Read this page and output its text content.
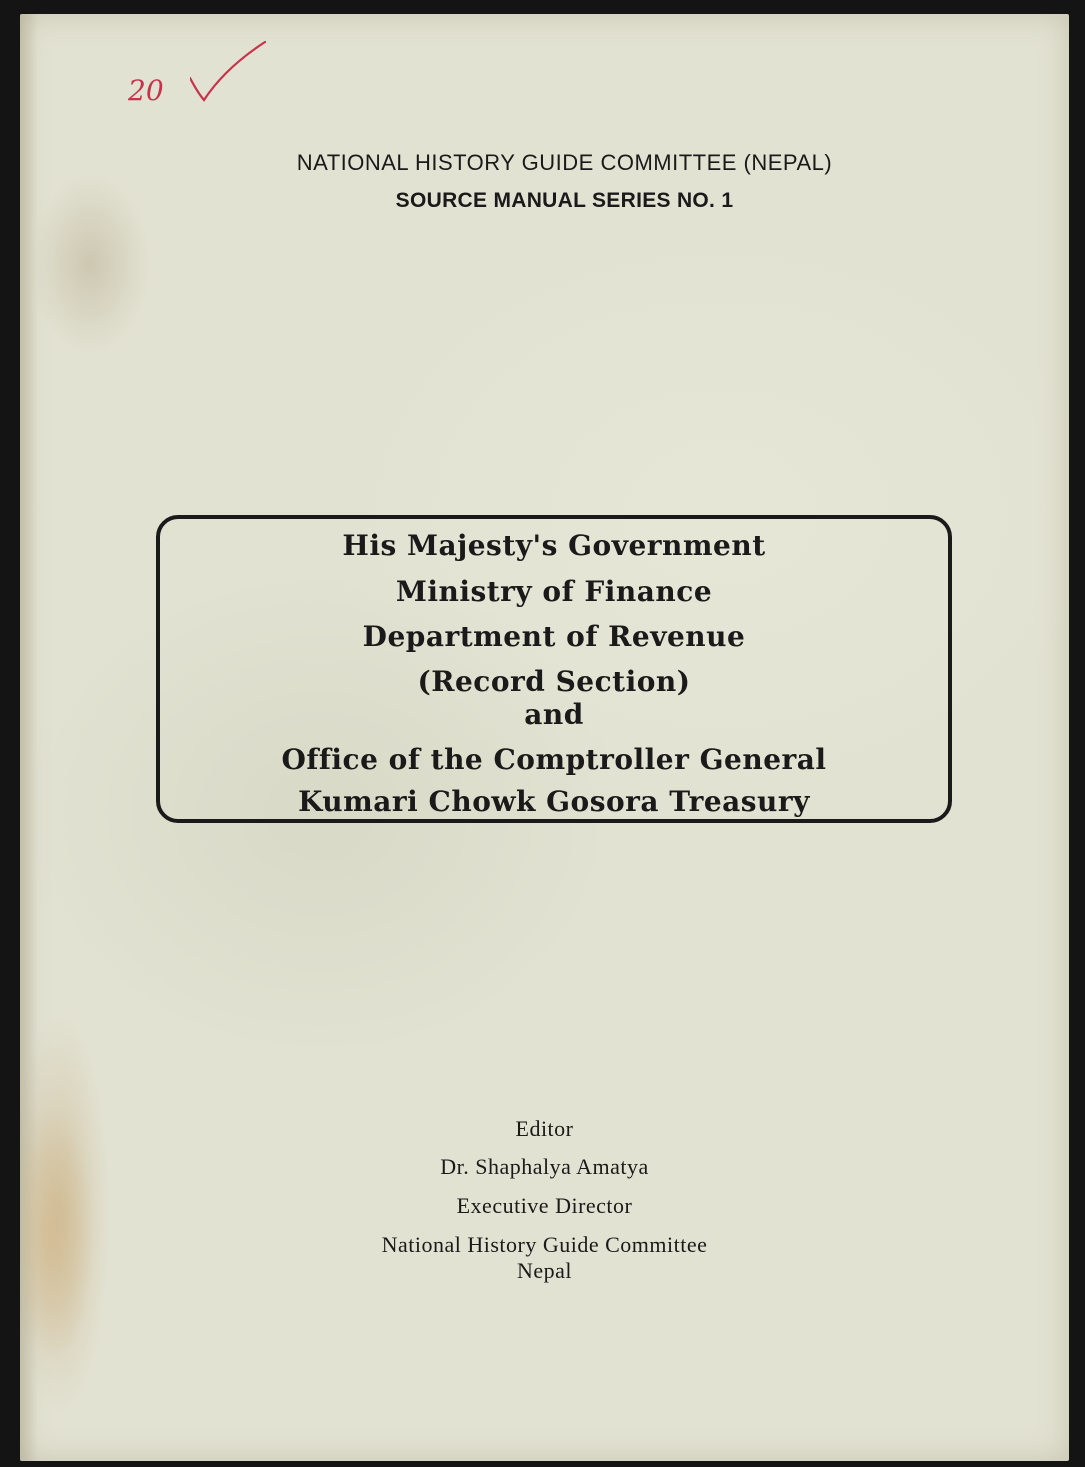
20
NATIONAL HISTORY GUIDE COMMITTEE (NEPAL)
SOURCE MANUAL SERIES NO. 1
His Majesty's Government
Ministry of Finance
Department of Revenue
(Record Section)
and
Office of the Comptroller General
Kumari Chowk Gosora Treasury
Editor
Dr. Shaphalya Amatya
Executive Director
National History Guide Committee
Nepal
